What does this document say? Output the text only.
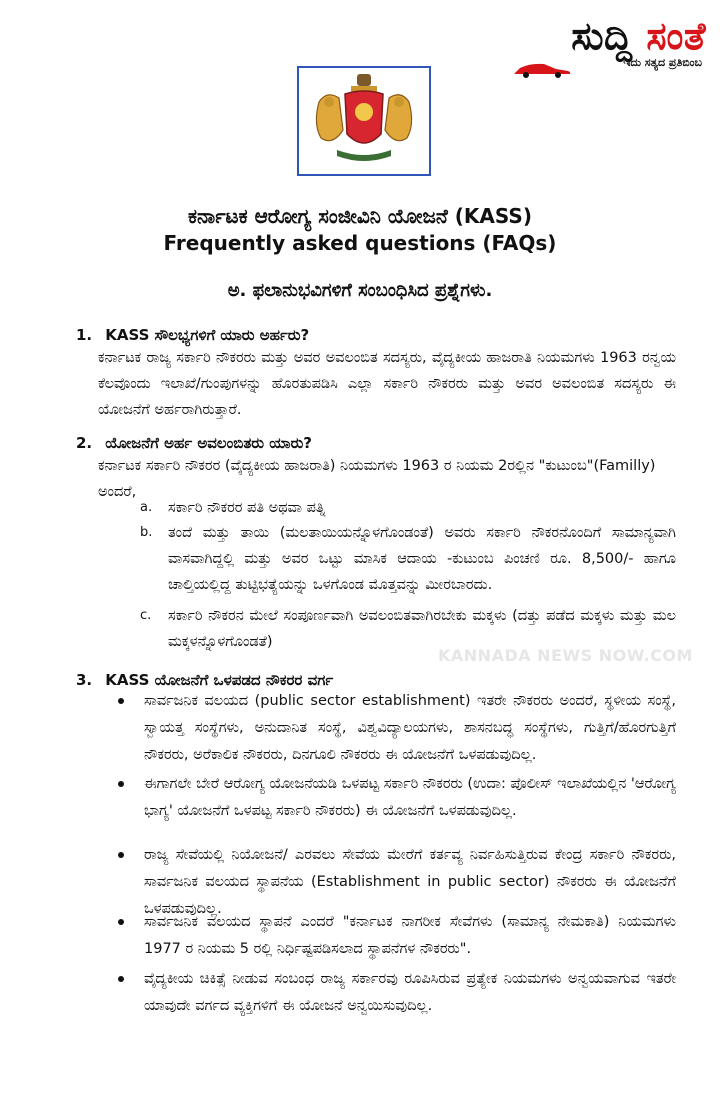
ಸುದ್ದಿ ಸಂತೆ
ಇದು ಸತ್ಯದ ಪ್ರತಿಬಿಂಬ
ಕರ್ನಾಟಕ ಆರೋಗ್ಯ ಸಂಜೀವಿನಿ ಯೋಜನೆ (KASS)
Frequently asked questions (FAQs)
ಅ. ಫಲಾನುಭವಿಗಳಿಗೆ ಸಂಬಂಧಿಸಿದ ಪ್ರಶ್ನೆಗಳು.
1. KASS ಸೌಲಭ್ಯಗಳಿಗೆ ಯಾರು ಅರ್ಹರು?
ಕರ್ನಾಟಕ ರಾಜ್ಯ ಸರ್ಕಾರಿ ನೌಕರರು ಮತ್ತು ಅವರ ಅವಲಂಬಿತ ಸದಸ್ಯರು, ವೈದ್ಯಕೀಯ ಹಾಜರಾತಿ ನಿಯಮಗಳು 1963 ರನ್ವಯ ಕೆಲವೊಂದು ಇಲಾಖೆ/ಗುಂಪುಗಳನ್ನು ಹೊರತುಪಡಿಸಿ ಎಲ್ಲಾ ಸರ್ಕಾರಿ ನೌಕರರು ಮತ್ತು ಅವರ ಅವಲಂಬಿತ ಸದಸ್ಯರು ಈ ಯೋಜನೆಗೆ ಅರ್ಹರಾಗಿರುತ್ತಾರೆ.
2. ಯೋಜನೆಗೆ ಅರ್ಹ ಅವಲಂಬಿತರು ಯಾರು?
ಕರ್ನಾಟಕ ಸರ್ಕಾರಿ ನೌಕರರ (ವೈದ್ಯಕೀಯ ಹಾಜರಾತಿ) ನಿಯಮಗಳು 1963 ರ ನಿಯಮ 2ರಲ್ಲಿನ "ಕುಟುಂಬ"(Familly) ಅಂದರೆ,
a. ಸರ್ಕಾರಿ ನೌಕರರ ಪತಿ ಅಥವಾ ಪತ್ನಿ
b. ತಂದೆ ಮತ್ತು ತಾಯಿ (ಮಲತಾಯಿಯನ್ನೊಳಗೊಂಡಂತೆ) ಅವರು ಸರ್ಕಾರಿ ನೌಕರನೊಂದಿಗೆ ಸಾಮಾನ್ಯವಾಗಿ ವಾಸವಾಗಿದ್ದಲ್ಲಿ ಮತ್ತು ಅವರ ಒಟ್ಟು ಮಾಸಿಕ ಆದಾಯ -ಕುಟುಂಬ ಪಿಂಚಣಿ ರೂ. 8,500/- ಹಾಗೂ ಚಾಲ್ತಿಯಲ್ಲಿದ್ದ ತುಟ್ಟಿಭತ್ಯೆಯನ್ನು ಒಳಗೊಂಡ ಮೊತ್ತವನ್ನು ಮೀರಬಾರದು.
c. ಸರ್ಕಾರಿ ನೌಕರನ ಮೇಲೆ ಸಂಪೂರ್ಣವಾಗಿ ಅವಲಂಬಿತವಾಗಿರಬೇಕು ಮಕ್ಕಳು (ದತ್ತು ಪಡೆದ ಮಕ್ಕಳು ಮತ್ತು ಮಲ ಮಕ್ಕಳನ್ನೊಳಗೊಂಡತೆ)
KANNADA NEWS NOW.COM
3. KASS ಯೋಜನೆಗೆ ಒಳಪಡದ ನೌಕರರ ವರ್ಗ
ಸಾರ್ವಜನಿಕ ವಲಯದ (public sector establishment) ಇತರೇ ನೌಕರರು ಅಂದರೆ, ಸ್ಥಳೀಯ ಸಂಸ್ಥೆ, ಸ್ವಾಯತ್ತ ಸಂಸ್ಥೆಗಳು, ಅನುದಾನಿತ ಸಂಸ್ಥೆ, ವಿಶ್ವವಿದ್ಯಾಲಯಗಳು, ಶಾಸನಬದ್ಧ ಸಂಸ್ಥೆಗಳು, ಗುತ್ತಿಗೆ/ಹೊರಗುತ್ತಿಗೆ ನೌಕರರು, ಅರೆಕಾಲಿಕ ನೌಕರರು, ದಿನಗೂಲಿ ನೌಕರರು ಈ ಯೋಜನೆಗೆ ಒಳಪಡುವುದಿಲ್ಲ.
ಈಗಾಗಲೇ ಬೇರೆ ಆರೋಗ್ಯ ಯೋಜನೆಯಡಿ ಒಳಪಟ್ಟ ಸರ್ಕಾರಿ ನೌಕರರು (ಉದಾ: ಪೊಲೀಸ್ ಇಲಾಖೆಯಲ್ಲಿನ 'ಆರೋಗ್ಯ ಭಾಗ್ಯ' ಯೋಜನೆಗೆ ಒಳಪಟ್ಟ ಸರ್ಕಾರಿ ನೌಕರರು) ಈ ಯೋಜನೆಗೆ ಒಳಪಡುವುದಿಲ್ಲ.
ರಾಜ್ಯ ಸೇವೆಯಲ್ಲಿ ನಿಯೋಜನೆ/ ಎರವಲು ಸೇವೆಯ ಮೇರೆಗೆ ಕರ್ತವ್ಯ ನಿರ್ವಹಿಸುತ್ತಿರುವ ಕೇಂದ್ರ ಸರ್ಕಾರಿ ನೌಕರರು, ಸಾರ್ವಜನಿಕ ವಲಯದ ಸ್ಥಾಪನೆಯ (Establishment in public sector) ನೌಕರರು ಈ ಯೋಜನೆಗೆ ಒಳಪಡುವುದಿಲ್ಲ.
ಸಾರ್ವಜನಿಕ ವಲಯದ ಸ್ಥಾಪನೆ ಎಂದರೆ "ಕರ್ನಾಟಕ ನಾಗರೀಕ ಸೇವೆಗಳು (ಸಾಮಾನ್ಯ ನೇಮಕಾತಿ) ನಿಯಮಗಳು 1977 ರ ನಿಯಮ 5 ರಲ್ಲಿ ನಿರ್ಧಿಷ್ಟಪಡಿಸಲಾದ ಸ್ಥಾಪನೆಗಳ ನೌಕರರು".
ವೈದ್ಯಕೀಯ ಚಿಕಿತ್ಸೆ ನೀಡುವ ಸಂಬಂಧ ರಾಜ್ಯ ಸರ್ಕಾರವು ರೂಪಿಸಿರುವ ಪ್ರತ್ಯೇಕ ನಿಯಮಗಳು ಅನ್ವಯವಾಗುವ ಇತರೇ ಯಾವುದೇ ವರ್ಗದ ವ್ಯಕ್ತಿಗಳಿಗೆ ಈ ಯೋಜನೆ ಅನ್ವಯಿಸುವುದಿಲ್ಲ.
